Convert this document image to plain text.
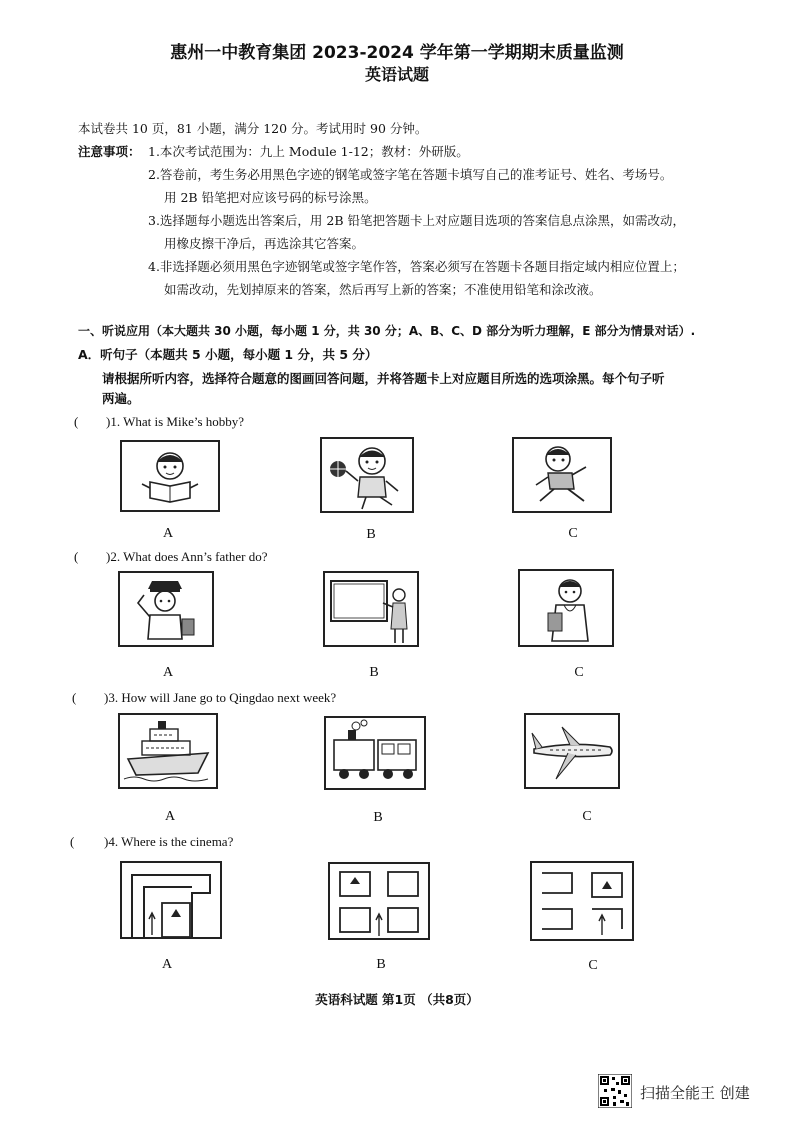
惠州一中教育集团 2023-2024 学年第一学期期末质量监测
英语试题
本试卷共 10 页，81 小题，满分 120 分。考试用时 90 分钟。
注意事项： 1.本次考试范围为：九上 Module 1-12；教材：外研版。
2.答卷前，考生务必用黑色字迹的钢笔或签字笔在答题卡填写自己的准考证号、姓名、考场号。
用 2B 铅笔把对应该号码的标号涂黑。
3.选择题每小题选出答案后，用 2B 铅笔把答题卡上对应题目选项的答案信息点涂黑，如需改动，
用橡皮擦干净后，再选涂其它答案。
4.非选择题必须用黑色字迹钢笔或签字笔作答，答案必须写在答题卡各题目指定域内相应位置上；
如需改动，先划掉原来的答案，然后再写上新的答案；不准使用铅笔和涂改液。
一、听说应用（本大题共 30 小题，每小题 1 分，共 30 分；A、B、C、D 部分为听力理解，E 部分为情景对话）.
A．听句子（本题共 5 小题，每小题 1 分，共 5 分）
请根据所听内容，选择符合题意的图画回答问题，并将答题卡上对应题目所选的选项涂黑。每个句子听
两遍。
( )1. What is Mike’s hobby?
A	B	C
( )2. What does Ann’s father do?
A	B	C
( )3. How will Jane go to Qingdao next week?
A	B	C
( )4. Where is the cinema?
A	B	C
英语科试题 第1页 （共8页）
扫描全能王 创建
